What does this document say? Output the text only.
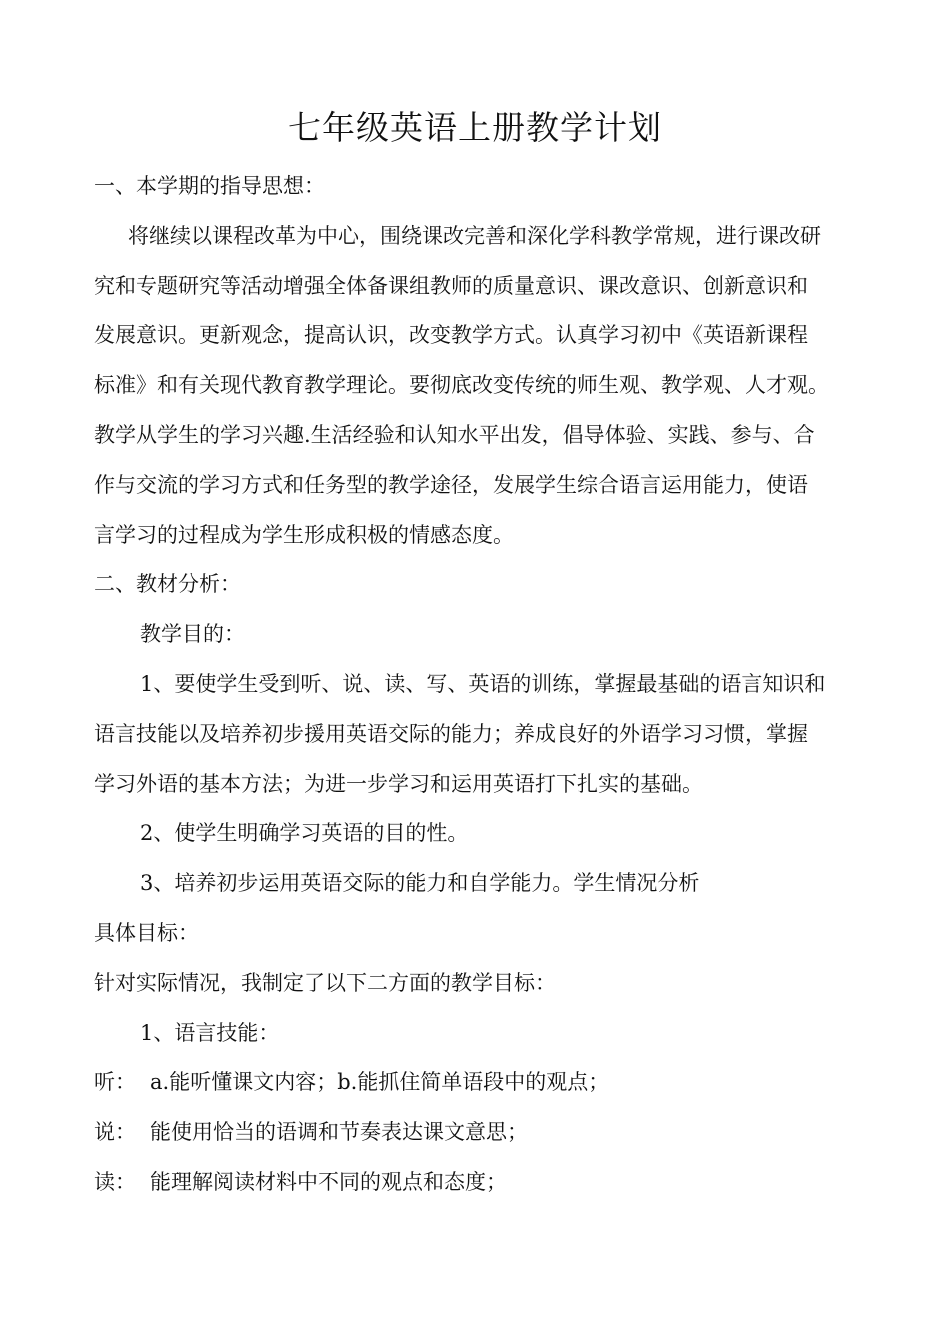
七年级英语上册教学计划

一、本学期的指导思想：

将继续以课程改革为中心，围绕课改完善和深化学科教学常规，进行课改研

究和专题研究等活动增强全体备课组教师的质量意识、课改意识、创新意识和

发展意识。更新观念，提高认识，改变教学方式。认真学习初中《英语新课程

标准》和有关现代教育教学理论。要彻底改变传统的师生观、教学观、人才观。

教学从学生的学习兴趣.生活经验和认知水平出发，倡导体验、实践、参与、合

作与交流的学习方式和任务型的教学途径，发展学生综合语言运用能力，使语

言学习的过程成为学生形成积极的情感态度。

二、教材分析：

教学目的：

1、要使学生受到听、说、读、写、英语的训练，掌握最基础的语言知识和

语言技能以及培养初步援用英语交际的能力；养成良好的外语学习习惯，掌握

学习外语的基本方法；为进一步学习和运用英语打下扎实的基础。

2、使学生明确学习英语的目的性。

3、培养初步运用英语交际的能力和自学能力。学生情况分析

具体目标：

针对实际情况，我制定了以下二方面的教学目标：

1、语言技能：

听： a.能听懂课文内容；b.能抓住简单语段中的观点；
说： 能使用恰当的语调和节奏表达课文意思；
读： 能理解阅读材料中不同的观点和态度；
